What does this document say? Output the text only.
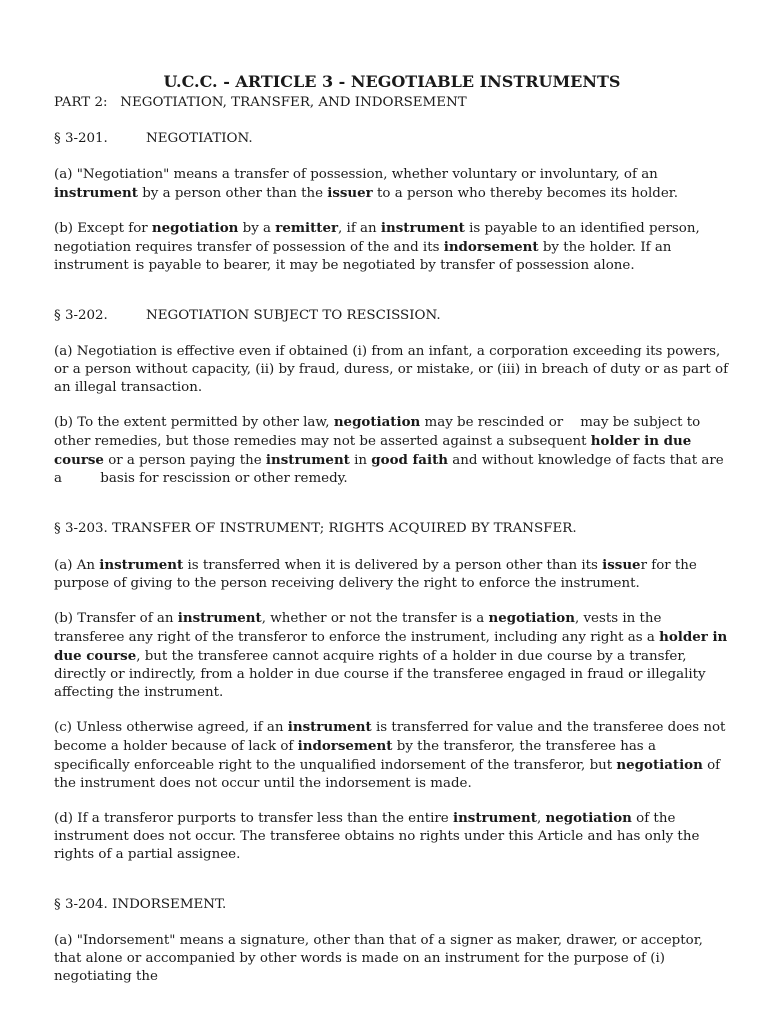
U.C.C. - ARTICLE 3 - NEGOTIABLE INSTRUMENTS
PART 2:   NEGOTIATION, TRANSFER, AND INDORSEMENT
§ 3-201.	NEGOTIATION.

(a) "Negotiation" means a transfer of possession, whether voluntary or involuntary, of an instrument by a person other than the issuer to a person who thereby becomes its holder.

(b) Except for negotiation by a remitter, if an instrument is payable to an identified person, negotiation requires transfer of possession of the and its indorsement by the holder. If an instrument is payable to bearer, it may be negotiated by transfer of possession alone.

§ 3-202.	NEGOTIATION SUBJECT TO RESCISSION.

(a) Negotiation is effective even if obtained (i) from an infant, a corporation exceeding its powers, or a person without capacity, (ii) by fraud, duress, or mistake, or (iii) in breach of duty or as part of an illegal transaction.

(b) To the extent permitted by other law, negotiation may be rescinded or    may be subject to other remedies, but those remedies may not be asserted against a subsequent holder in due course or a person paying the instrument in good faith and without knowledge of facts that are a         basis for rescission or other remedy.

§ 3-203. TRANSFER OF INSTRUMENT; RIGHTS ACQUIRED BY TRANSFER.

(a) An instrument is transferred when it is delivered by a person other than its issuer for the purpose of giving to the person receiving delivery the right to enforce the instrument.

(b) Transfer of an instrument, whether or not the transfer is a negotiation, vests in the transferee any right of the transferor to enforce the instrument, including any right as a holder in due course, but the transferee cannot acquire rights of a holder in due course by a transfer, directly or indirectly, from a holder in due course if the transferee engaged in fraud or illegality affecting the instrument.

(c) Unless otherwise agreed, if an instrument is transferred for value and the transferee does not become a holder because of lack of indorsement by the transferor, the transferee has a specifically enforceable right to the unqualified indorsement of the transferor, but negotiation of the instrument does not occur until the indorsement is made.

(d) If a transferor purports to transfer less than the entire instrument, negotiation of the instrument does not occur. The transferee obtains no rights under this Article and has only the rights of a partial assignee.

§ 3-204. INDORSEMENT.

(a) "Indorsement" means a signature, other than that of a signer as maker, drawer, or acceptor, that alone or accompanied by other words is made on an instrument for the purpose of (i) negotiating the
